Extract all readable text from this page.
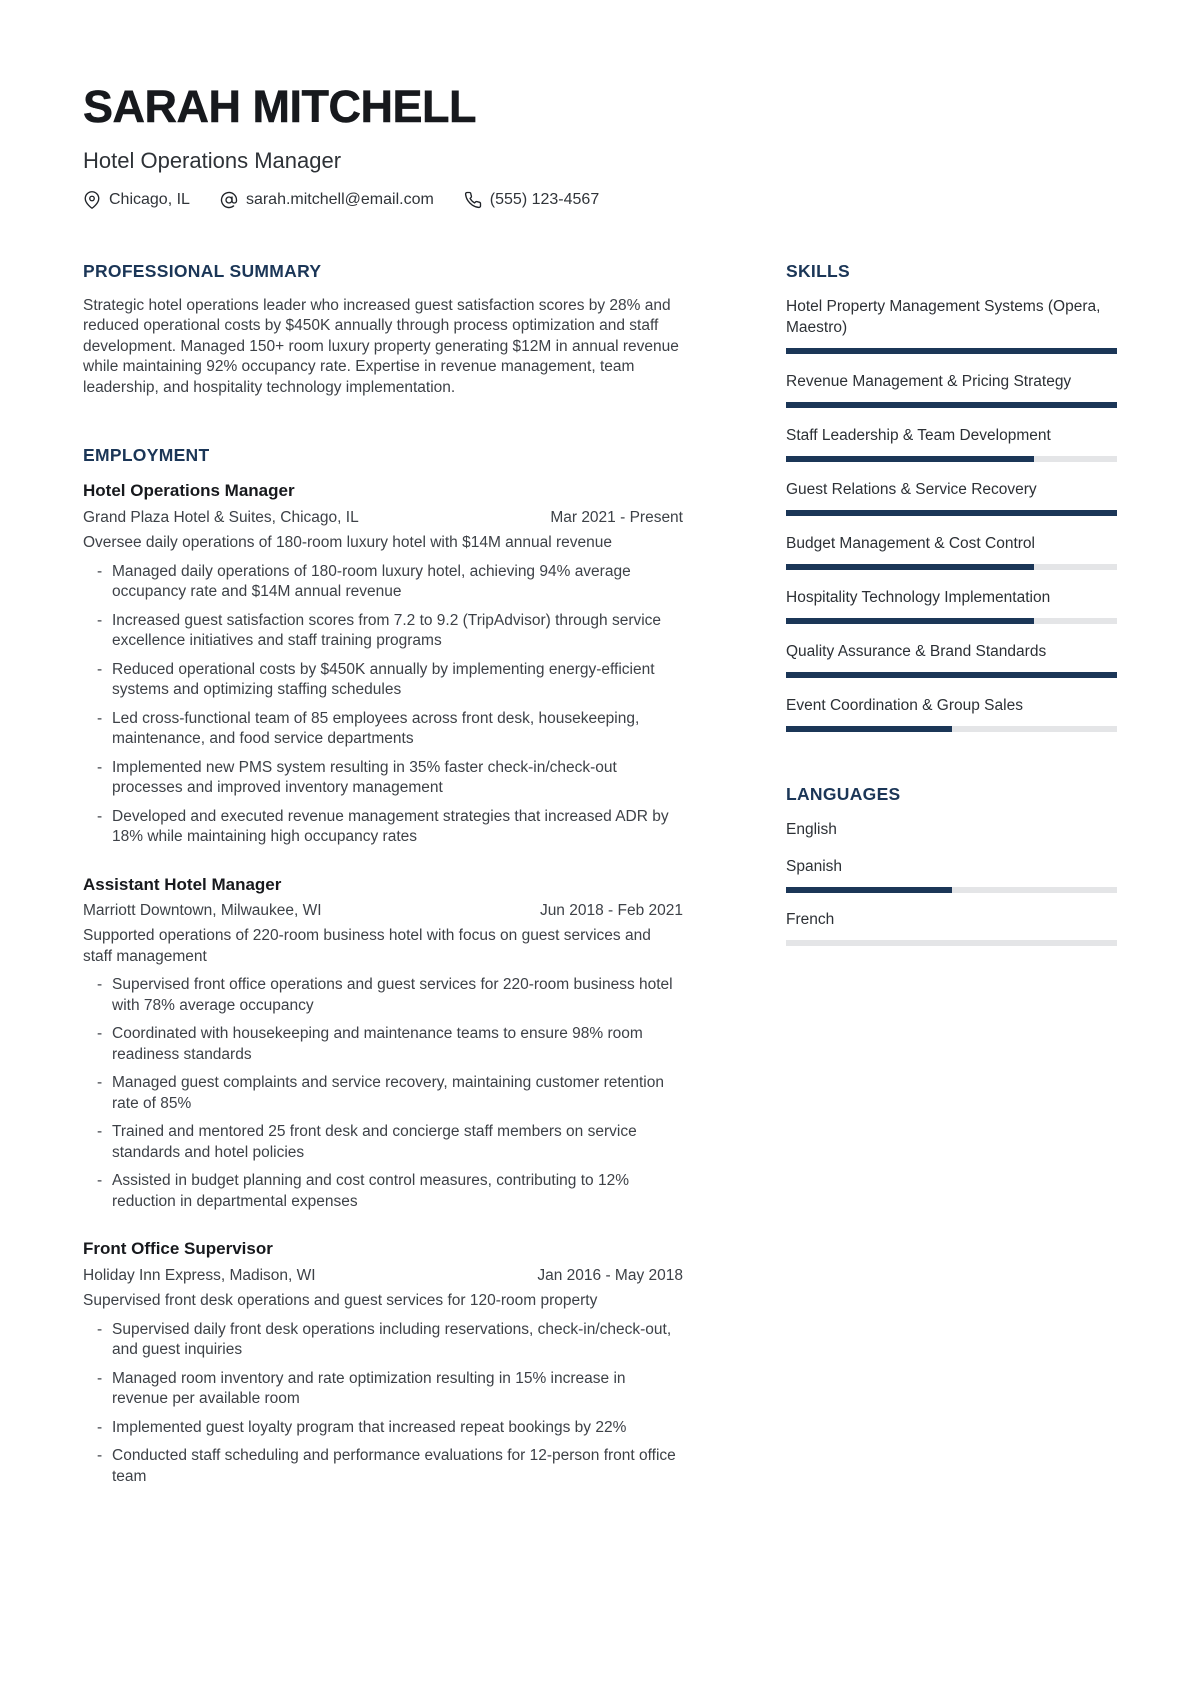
SARAH MITCHELL
Hotel Operations Manager
Chicago, IL	sarah.mitchell@email.com	(555) 123-4567
PROFESSIONAL SUMMARY

Strategic hotel operations leader who increased guest satisfaction scores by 28% and reduced operational costs by $450K annually through process optimization and staff development. Managed 150+ room luxury property generating $12M in annual revenue while maintaining 92% occupancy rate. Expertise in revenue management, team leadership, and hospitality technology implementation.

EMPLOYMENT
Hotel Operations Manager
Grand Plaza Hotel & Suites, Chicago, IL	Mar 2021 - Present
Oversee daily operations of 180-room luxury hotel with $14M annual revenue
- Managed daily operations of 180-room luxury hotel, achieving 94% average occupancy rate and $14M annual revenue
- Increased guest satisfaction scores from 7.2 to 9.2 (TripAdvisor) through service excellence initiatives and staff training programs
- Reduced operational costs by $450K annually by implementing energy-efficient systems and optimizing staffing schedules
- Led cross-functional team of 85 employees across front desk, housekeeping, maintenance, and food service departments
- Implemented new PMS system resulting in 35% faster check-in/check-out processes and improved inventory management
- Developed and executed revenue management strategies that increased ADR by 18% while maintaining high occupancy rates
Assistant Hotel Manager
Marriott Downtown, Milwaukee, WI	Jun 2018 - Feb 2021
Supported operations of 220-room business hotel with focus on guest services and staff management
- Supervised front office operations and guest services for 220-room business hotel with 78% average occupancy
- Coordinated with housekeeping and maintenance teams to ensure 98% room readiness standards
- Managed guest complaints and service recovery, maintaining customer retention rate of 85%
- Trained and mentored 25 front desk and concierge staff members on service standards and hotel policies
- Assisted in budget planning and cost control measures, contributing to 12% reduction in departmental expenses
Front Office Supervisor
Holiday Inn Express, Madison, WI	Jan 2016 - May 2018
Supervised front desk operations and guest services for 120-room property
- Supervised daily front desk operations including reservations, check-in/check-out, and guest inquiries
- Managed room inventory and rate optimization resulting in 15% increase in revenue per available room
- Implemented guest loyalty program that increased repeat bookings by 22%
- Conducted staff scheduling and performance evaluations for 12-person front office team
SKILLS
Hotel Property Management Systems (Opera, Maestro)
Revenue Management & Pricing Strategy
Staff Leadership & Team Development
Guest Relations & Service Recovery
Budget Management & Cost Control
Hospitality Technology Implementation
Quality Assurance & Brand Standards
Event Coordination & Group Sales
LANGUAGES
English
Spanish
French
